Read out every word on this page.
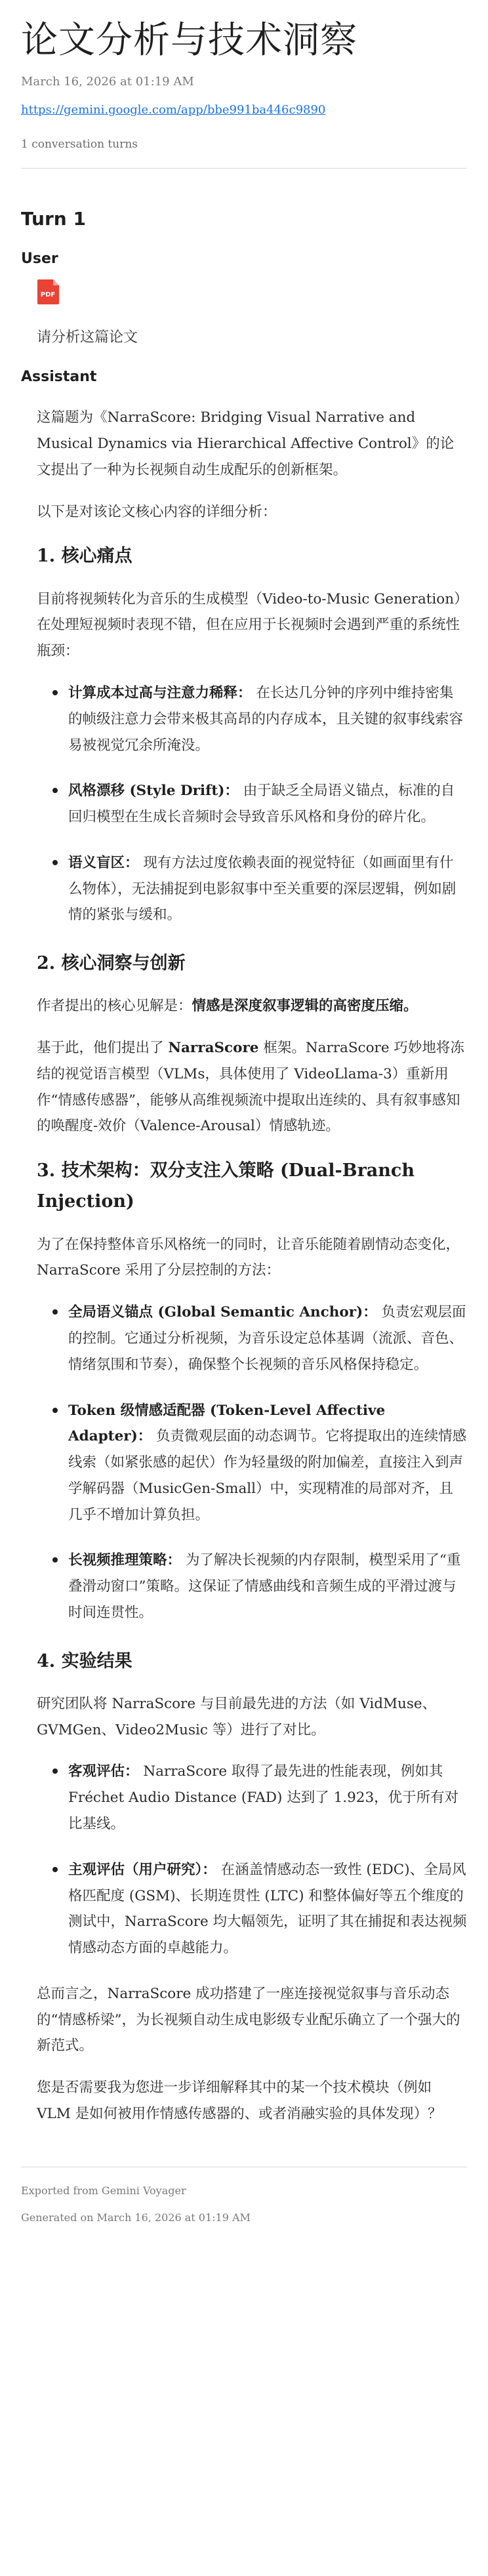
论文分析与技术洞察
March 16, 2026 at 01:19 AM
https://gemini.google.com/app/bbe991ba446c9890
1 conversation turns
Turn 1
User
PDF
请分析这篇论文
Assistant

这篇题为《NarraScore: Bridging Visual Narrative and Musical Dynamics via Hierarchical Affective Control》的论文提出了一种为长视频自动生成配乐的创新框架。

以下是对该论文核心内容的详细分析：

1. 核心痛点

目前将视频转化为音乐的生成模型（Video-to-Music Generation）在处理短视频时表现不错，但在应用于长视频时会遇到严重的系统性瓶颈：

计算成本过高与注意力稀释： 在长达几分钟的序列中维持密集的帧级注意力会带来极其高昂的内存成本，且关键的叙事线索容易被视觉冗余所淹没。
风格漂移 (Style Drift)： 由于缺乏全局语义锚点，标准的自回归模型在生成长音频时会导致音乐风格和身份的碎片化。
语义盲区： 现有方法过度依赖表面的视觉特征（如画面里有什么物体），无法捕捉到电影叙事中至关重要的深层逻辑，例如剧情的紧张与缓和。
2. 核心洞察与创新

作者提出的核心见解是：情感是深度叙事逻辑的高密度压缩。

基于此，他们提出了 NarraScore 框架。NarraScore 巧妙地将冻结的视觉语言模型（VLMs，具体使用了 VideoLlama-3）重新用作“情感传感器”，能够从高维视频流中提取出连续的、具有叙事感知的唤醒度-效价（Valence-Arousal）情感轨迹。

3. 技术架构：双分支注入策略 (Dual-Branch Injection)

为了在保持整体音乐风格统一的同时，让音乐能随着剧情动态变化，NarraScore 采用了分层控制的方法：

全局语义锚点 (Global Semantic Anchor)： 负责宏观层面的控制。它通过分析视频，为音乐设定总体基调（流派、音色、情绪氛围和节奏），确保整个长视频的音乐风格保持稳定。
Token 级情感适配器 (Token-Level Affective Adapter)： 负责微观层面的动态调节。它将提取出的连续情感线索（如紧张感的起伏）作为轻量级的附加偏差，直接注入到声学解码器（MusicGen-Small）中，实现精准的局部对齐，且几乎不增加计算负担。
长视频推理策略： 为了解决长视频的内存限制，模型采用了“重叠滑动窗口”策略。这保证了情感曲线和音频生成的平滑过渡与时间连贯性。
4. 实验结果

研究团队将 NarraScore 与目前最先进的方法（如 VidMuse、GVMGen、Video2Music 等）进行了对比。

客观评估： NarraScore 取得了最先进的性能表现，例如其 Fréchet Audio Distance (FAD) 达到了 1.923，优于所有对比基线。
主观评估（用户研究）： 在涵盖情感动态一致性 (EDC)、全局风格匹配度 (GSM)、长期连贯性 (LTC) 和整体偏好等五个维度的测试中，NarraScore 均大幅领先，证明了其在捕捉和表达视频情感动态方面的卓越能力。

总而言之，NarraScore 成功搭建了一座连接视觉叙事与音乐动态的“情感桥梁”，为长视频自动生成电影级专业配乐确立了一个强大的新范式。

您是否需要我为您进一步详细解释其中的某一个技术模块（例如 VLM 是如何被用作情感传感器的、或者消融实验的具体发现）？

Exported from Gemini Voyager
Generated on March 16, 2026 at 01:19 AM
